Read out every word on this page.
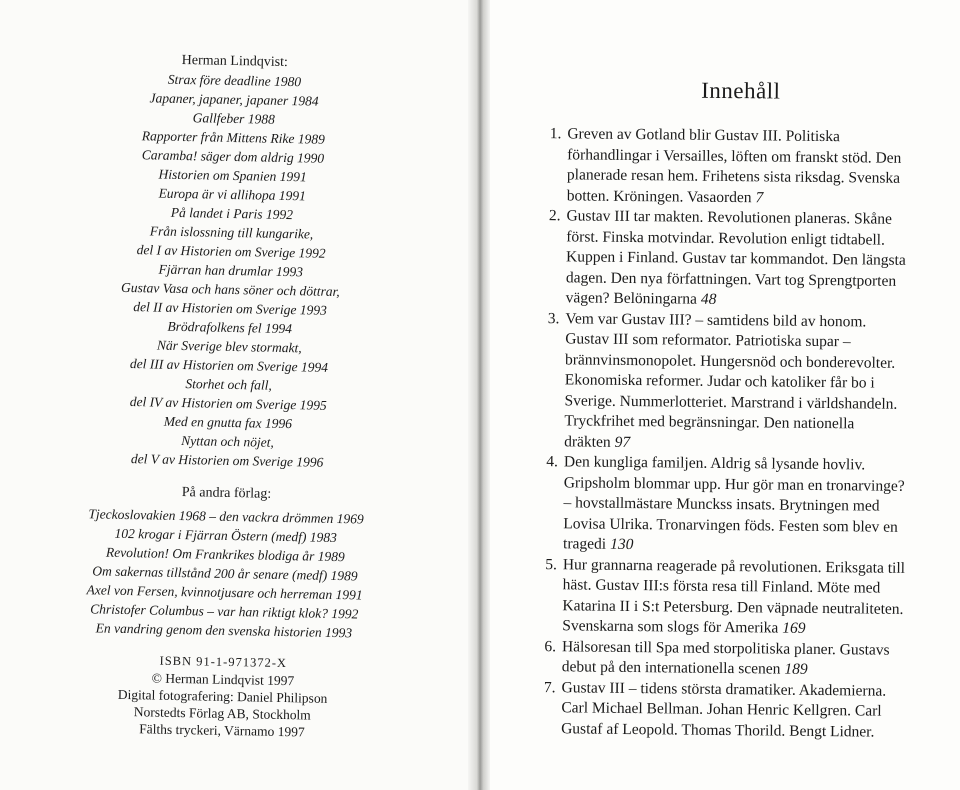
Herman Lindqvist:

Strax före deadline 1980

Japaner, japaner, japaner 1984

Gallfeber 1988

Rapporter från Mittens Rike 1989

Caramba! säger dom aldrig 1990

Historien om Spanien 1991

Europa är vi allihopa 1991

På landet i Paris 1992

Från islossning till kungarike,

del I av Historien om Sverige 1992

Fjärran han drumlar 1993

Gustav Vasa och hans söner och döttrar,

del II av Historien om Sverige 1993

Brödrafolkens fel 1994

När Sverige blev stormakt,

del III av Historien om Sverige 1994

Storhet och fall,

del IV av Historien om Sverige 1995

Med en gnutta fax 1996

Nyttan och nöjet,

del V av Historien om Sverige 1996

På andra förlag:

Tjeckoslovakien 1968 – den vackra drömmen 1969

102 krogar i Fjärran Östern (medf) 1983

Revolution! Om Frankrikes blodiga år 1989

Om sakernas tillstånd 200 år senare (medf) 1989

Axel von Fersen, kvinnotjusare och herreman 1991

Christofer Columbus – var han riktigt klok? 1992

En vandring genom den svenska historien 1993

ISBN 91-1-971372-X

© Herman Lindqvist 1997

Digital fotografering: Daniel Philipson

Norstedts Förlag AB, Stockholm

Fälths tryckeri, Värnamo 1997

Innehåll
1. Greven av Gotland blir Gustav III. Politiska förhandlingar i Versailles, löften om franskt stöd. Den planerade resan hem. Frihetens sista riksdag. Svenska botten. Kröningen. Vasaorden 7
2. Gustav III tar makten. Revolutionen planeras. Skåne först. Finska motvindar. Revolution enligt tidtabell. Kuppen i Finland. Gustav tar kommandot. Den längsta dagen. Den nya författningen. Vart tog Sprengtporten vägen? Belöningarna 48
3. Vem var Gustav III? – samtidens bild av honom. Gustav III som reformator. Patriotiska supar – brännvinsmonopolet. Hungersnöd och bonderevolter. Ekonomiska reformer. Judar och katoliker får bo i Sverige. Nummerlotteriet. Marstrand i världshandeln. Tryckfrihet med begränsningar. Den nationella dräkten 97
4. Den kungliga familjen. Aldrig så lysande hovliv. Gripsholm blommar upp. Hur gör man en tronarvinge? – hovstallmästare Munckss insats. Brytningen med Lovisa Ulrika. Tronarvingen föds. Festen som blev en tragedi 130
5. Hur grannarna reagerade på revolutionen. Eriksgata till häst. Gustav III:s första resa till Finland. Möte med Katarina II i S:t Petersburg. Den väpnade neutraliteten. Svenskarna som slogs för Amerika 169
6. Hälsoresan till Spa med storpolitiska planer. Gustavs debut på den internationella scenen 189
7. Gustav III – tidens största dramatiker. Akademierna. Carl Michael Bellman. Johan Henric Kellgren. Carl Gustaf af Leopold. Thomas Thorild. Bengt Lidner.
